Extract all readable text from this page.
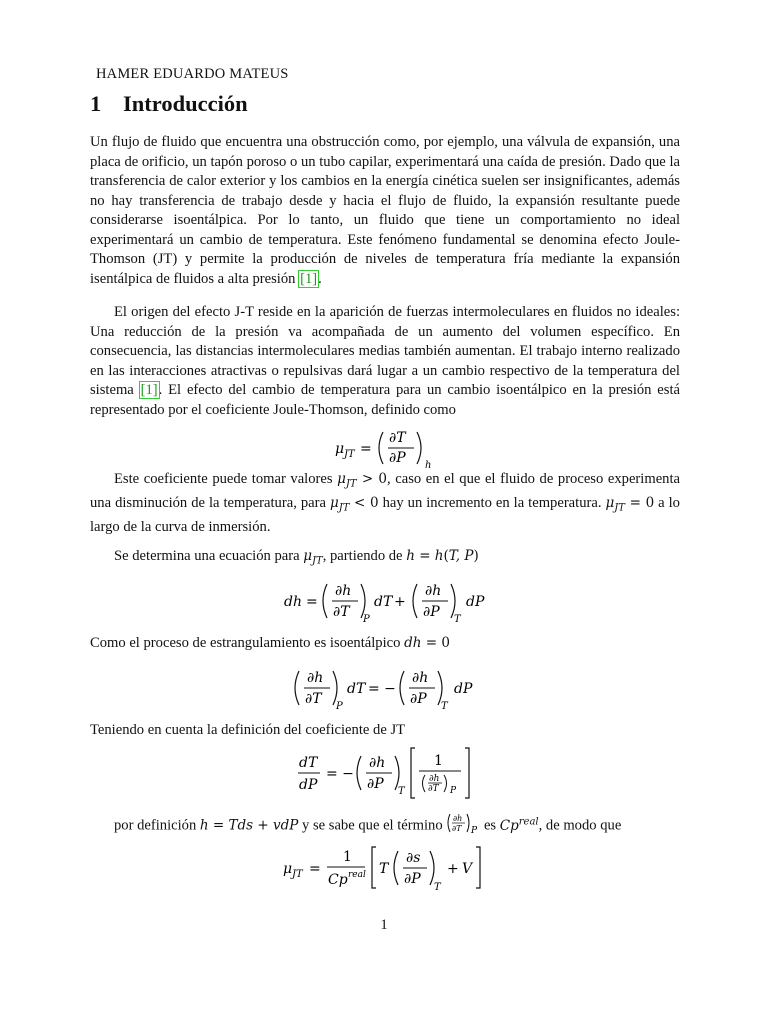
HAMER EDUARDO MATEUS
1 Introducción

Un flujo de fluido que encuentra una obstrucción como, por ejemplo, una válvula de expansión, una placa de orificio, un tapón poroso o un tubo capilar, experimentará una caída de presión. Dado que la transferencia de calor exterior y los cambios en la energía cinética suelen ser insignificantes, además no hay transferencia de trabajo desde y hacia el flujo de fluido, la expansión resultante puede considerarse isoentálpica. Por lo tanto, un fluido que tiene un comportamiento no ideal experimentará un cambio de temperatura. Este fenómeno fundamental se denomina efecto Joule-Thomson (JT) y permite la producción de niveles de temperatura fría mediante la expansión isentálpica de fluidos a alta presión [1].

El origen del efecto J-T reside en la aparición de fuerzas intermoleculares en fluidos no ideales: Una reducción de la presión va acompañada de un aumento del volumen específico. En consecuencia, las distancias intermoleculares medias también aumentan. El trabajo interno realizado en las interacciones atractivas o repulsivas dará lugar a un cambio respectivo de la temperatura del sistema [1]. El efecto del cambio de temperatura para un cambio isoentálpico en la presión está representado por el coeficiente Joule-Thomson, definido como

μ JT =
∂T
∂P h

Este coeficiente puede tomar valores $\mu_{JT} > 0$, caso en el que el fluido de proceso experimenta una disminución de la temperatura, para $\mu_{JT} < 0$ hay un incremento en la temperatura. $\mu_{JT} = 0$ a lo largo de la curva de inmersión.

Se determina una ecuación para $\mu_{JT}$, partiendo de h = h(T, P)
dh =
∂h
∂T P
dT +
∂h
∂P T
dP
Como el proceso de estrangulamiento es isoentálpico dh = 0
∂h
∂T P
dT = −
∂h
∂P T
dP
Teniendo en cuenta la definición del coeficiente de JT
dT
dP
= −
∂h
∂P T
1
∂h
∂T P
por definición h = Tds + vdP y se sabe que el término ∂h
∂T P es $Cp^{real}$, de modo que
μ JT =
1
Cp real T
∂s
∂P
T
+ V
1
